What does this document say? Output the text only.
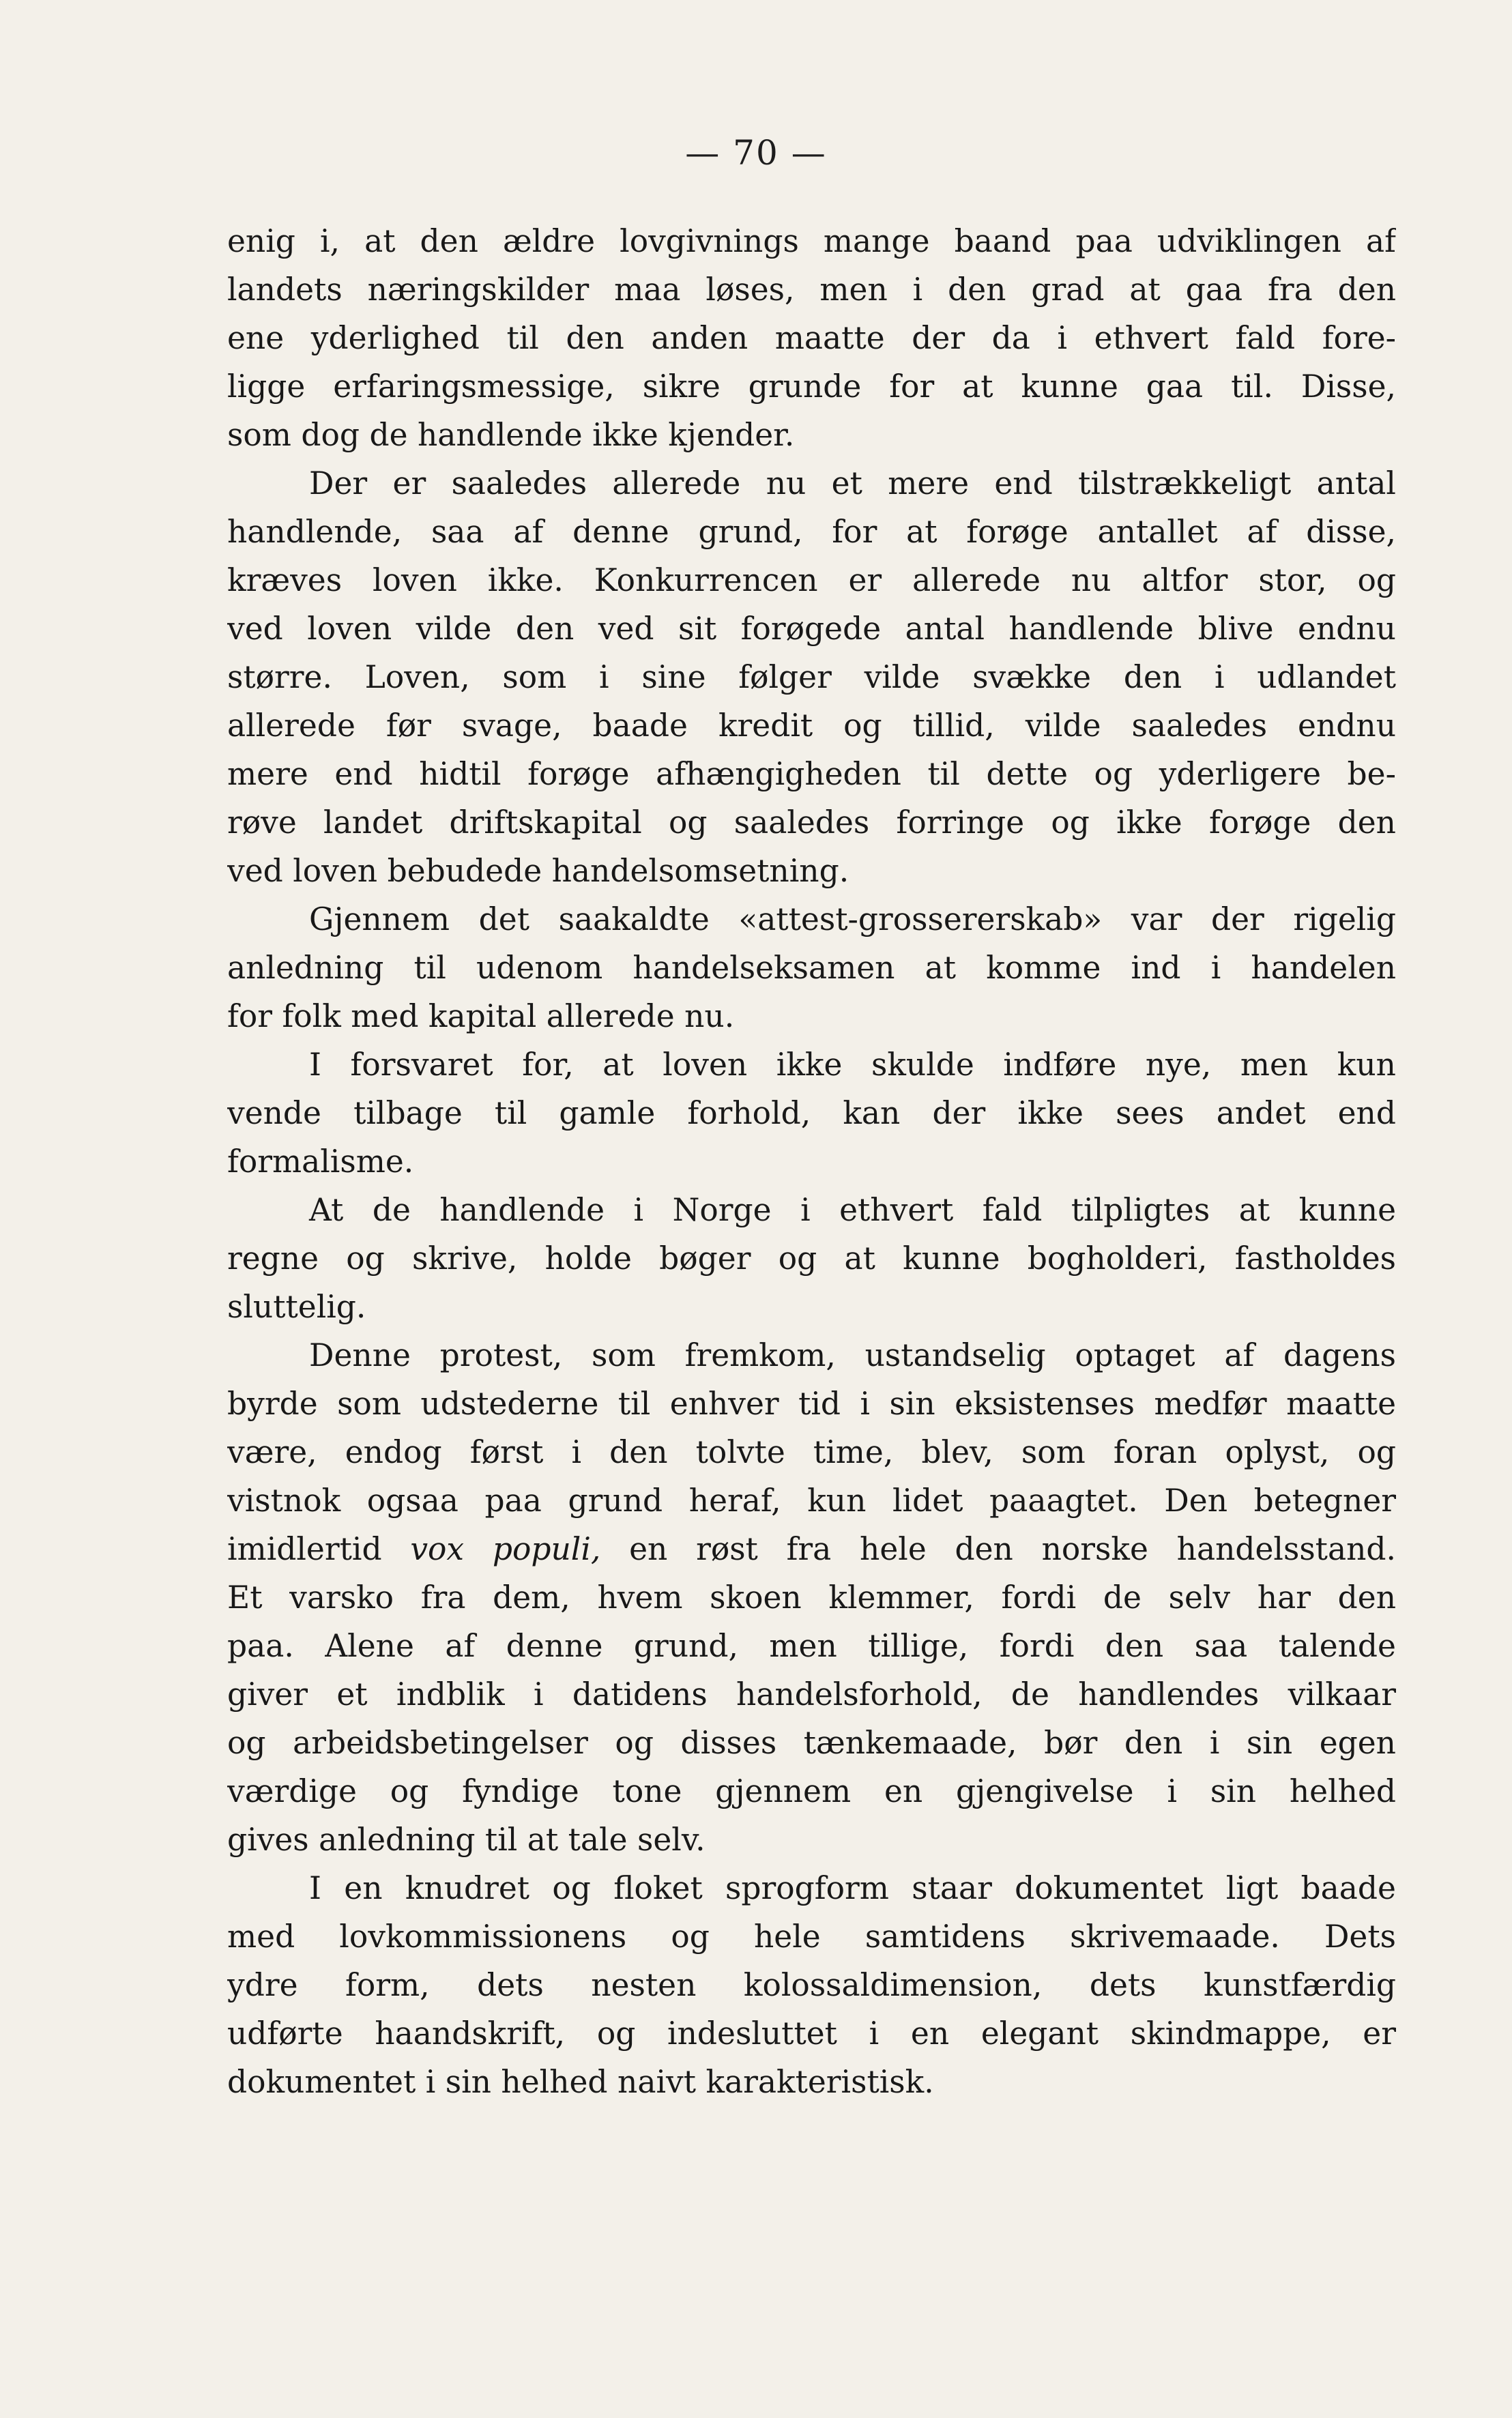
— 70 —
enig i, at den ældre lovgivnings mange baand paa udviklingen af
landets næringskilder maa løses, men i den grad at gaa fra den
ene yderlighed til den anden maatte der da i ethvert fald fore-
ligge erfaringsmessige, sikre grunde for at kunne gaa til. Disse,
som dog de handlende ikke kjender.
Der er saaledes allerede nu et mere end tilstrækkeligt antal
handlende, saa af denne grund, for at forøge antallet af disse,
kræves loven ikke. Konkurrencen er allerede nu altfor stor, og
ved loven vilde den ved sit forøgede antal handlende blive endnu
større. Loven, som i sine følger vilde svække den i udlandet
allerede før svage, baade kredit og tillid, vilde saaledes endnu
mere end hidtil forøge afhængigheden til dette og yderligere be-
røve landet driftskapital og saaledes forringe og ikke forøge den
ved loven bebudede handelsomsetning.
Gjennem det saakaldte «attest-grossererskab» var der rigelig
anledning til udenom handelseksamen at komme ind i handelen
for folk med kapital allerede nu.
I forsvaret for, at loven ikke skulde indføre nye, men kun
vende tilbage til gamle forhold, kan der ikke sees andet end
formalisme.
At de handlende i Norge i ethvert fald tilpligtes at kunne
regne og skrive, holde bøger og at kunne bogholderi, fastholdes
sluttelig.
Denne protest, som fremkom, ustandselig optaget af dagens
byrde som udstederne til enhver tid i sin eksistenses medfør maatte
være, endog først i den tolvte time, blev, som foran oplyst, og
vistnok ogsaa paa grund heraf, kun lidet paaagtet. Den betegner
imidlertid vox populi, en røst fra hele den norske handelsstand.
Et varsko fra dem, hvem skoen klemmer, fordi de selv har den
paa. Alene af denne grund, men tillige, fordi den saa talende
giver et indblik i datidens handelsforhold, de handlendes vilkaar
og arbeidsbetingelser og disses tænkemaade, bør den i sin egen
værdige og fyndige tone gjennem en gjengivelse i sin helhed
gives anledning til at tale selv.
I en knudret og floket sprogform staar dokumentet ligt baade
med lovkommissionens og hele samtidens skrivemaade. Dets
ydre form, dets nesten kolossaldimension, dets kunstfærdig
udførte haandskrift, og indesluttet i en elegant skindmappe, er
dokumentet i sin helhed naivt karakteristisk.
